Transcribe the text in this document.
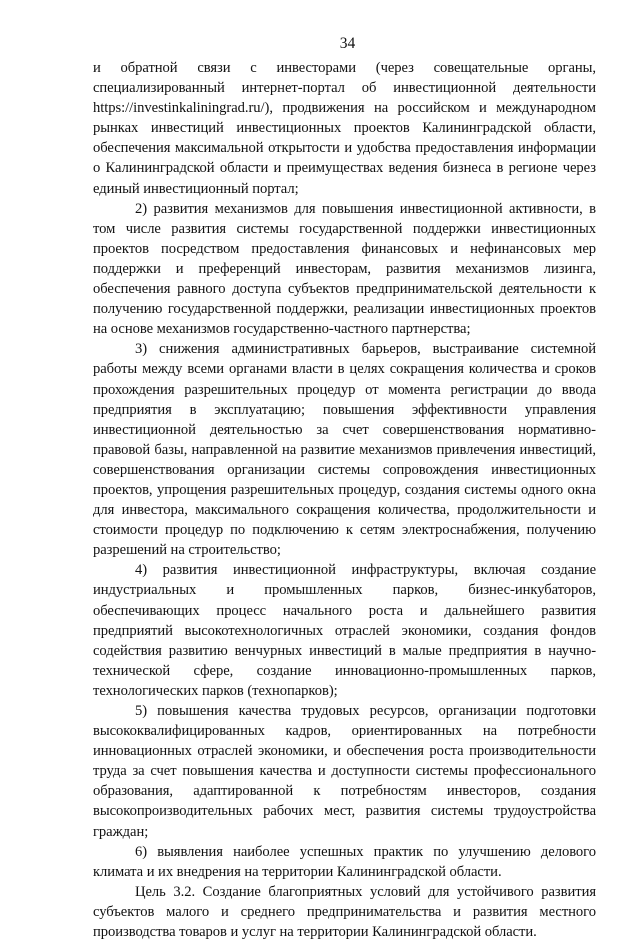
34

и обратной связи с инвесторами (через совещательные органы, специализированный интернет-портал об инвестиционной деятельности https://investinkaliningrad.ru/), продвижения на российском и международном рынках инвестиций инвестиционных проектов Калининградской области, обеспечения максимальной открытости и удобства предоставления информации о Калининградской области и преимуществах ведения бизнеса в регионе через единый инвестиционный портал;

2) развития механизмов для повышения инвестиционной активности, в том числе развития системы государственной поддержки инвестиционных проектов посредством предоставления финансовых и нефинансовых мер поддержки и преференций инвесторам, развития механизмов лизинга, обеспечения равного доступа субъектов предпринимательской деятельности к получению государственной поддержки, реализации инвестиционных проектов на основе механизмов государственно-частного партнерства;

3) снижения административных барьеров, выстраивание системной работы между всеми органами власти в целях сокращения количества и сроков прохождения разрешительных процедур от момента регистрации до ввода предприятия в эксплуатацию; повышения эффективности управления инвестиционной деятельностью за счет совершенствования нормативно-правовой базы, направленной на развитие механизмов привлечения инвестиций, совершенствования организации системы сопровождения инвестиционных проектов, упрощения разрешительных процедур, создания системы одного окна для инвестора, максимального сокращения количества, продолжительности и стоимости процедур по подключению к сетям электроснабжения, получению разрешений на строительство;

4) развития инвестиционной инфраструктуры, включая создание индустриальных и промышленных парков, бизнес-инкубаторов, обеспечивающих процесс начального роста и дальнейшего развития предприятий высокотехнологичных отраслей экономики, создания фондов содействия развитию венчурных инвестиций в малые предприятия в научно-технической сфере, создание инновационно-промышленных парков, технологических парков (технопарков);

5) повышения качества трудовых ресурсов, организации подготовки высококвалифицированных кадров, ориентированных на потребности инновационных отраслей экономики, и обеспечения роста производительности труда за счет повышения качества и доступности системы профессионального образования, адаптированной к потребностям инвесторов, создания высокопроизводительных рабочих мест, развития системы трудоустройства граждан;

6) выявления наиболее успешных практик по улучшению делового климата и их внедрения на территории Калининградской области.

Цель 3.2. Создание благоприятных условий для устойчивого развития субъектов малого и среднего предпринимательства и развития местного производства товаров и услуг на территории Калининградской области.
